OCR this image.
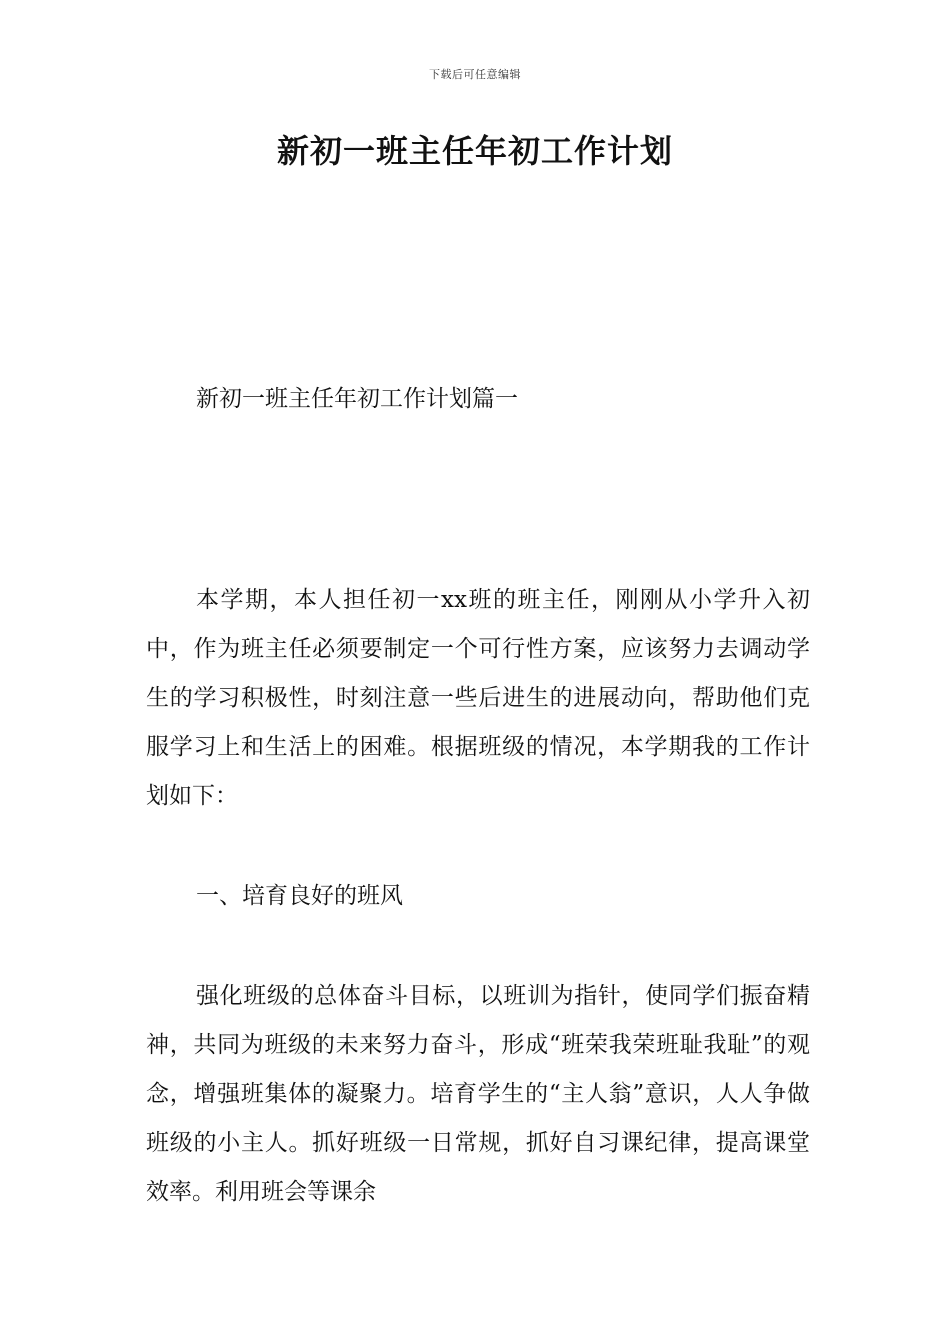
下载后可任意编辑
新初一班主任年初工作计划
新初一班主任年初工作计划篇一

本学期，本人担任初一xx班的班主任，刚刚从小学升入初中，作为班主任必须要制定一个可行性方案，应该努力去调动学生的学习积极性，时刻注意一些后进生的进展动向，帮助他们克服学习上和生活上的困难。根据班级的情况，本学期我的工作计划如下：

一、培育良好的班风

强化班级的总体奋斗目标，以班训为指针，使同学们振奋精神，共同为班级的未来努力奋斗，形成“班荣我荣班耻我耻”的观念，增强班集体的凝聚力。培育学生的“主人翁”意识，人人争做班级的小主人。抓好班级一日常规，抓好自习课纪律，提高课堂效率。利用班会等课余
